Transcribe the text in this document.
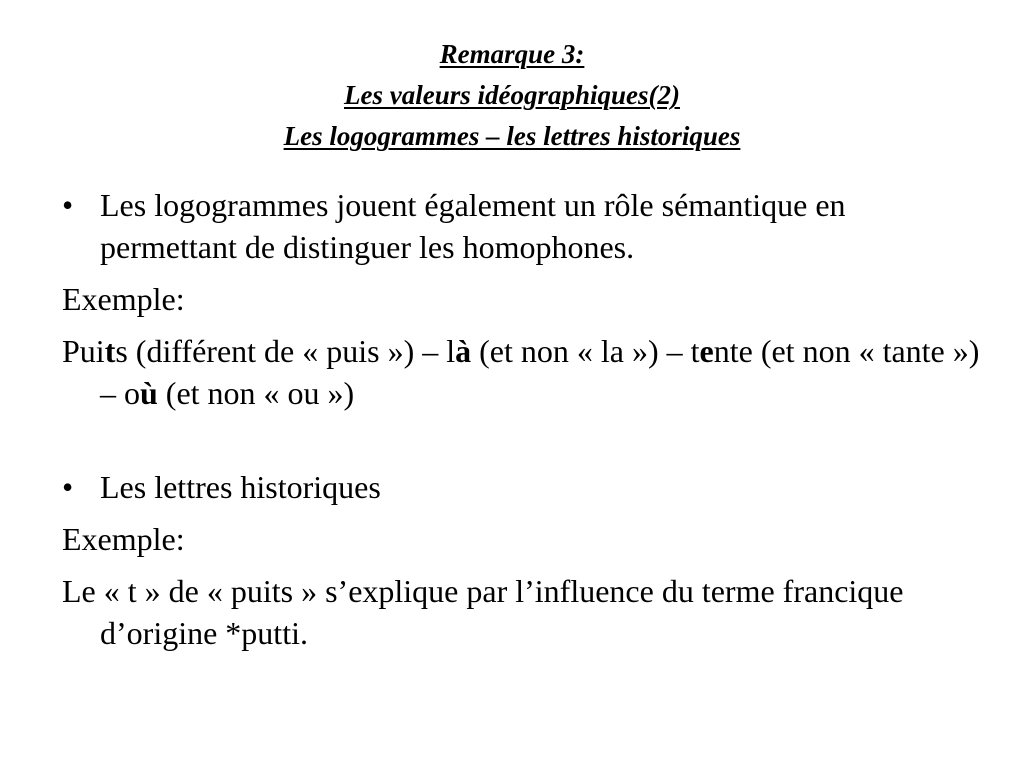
Remarque 3:
Les valeurs idéographiques(2)
Les logogrammes – les lettres historiques
• Les logogrammes jouent également un rôle sémantique en permettant de distinguer les homophones.
Exemple:
Puits (différent de « puis ») – là (et non « la ») – tente (et non « tante ») – où (et non « ou »)
• Les lettres historiques
Exemple:
Le « t » de « puits » s’explique par l’influence du terme francique d’origine *putti.
